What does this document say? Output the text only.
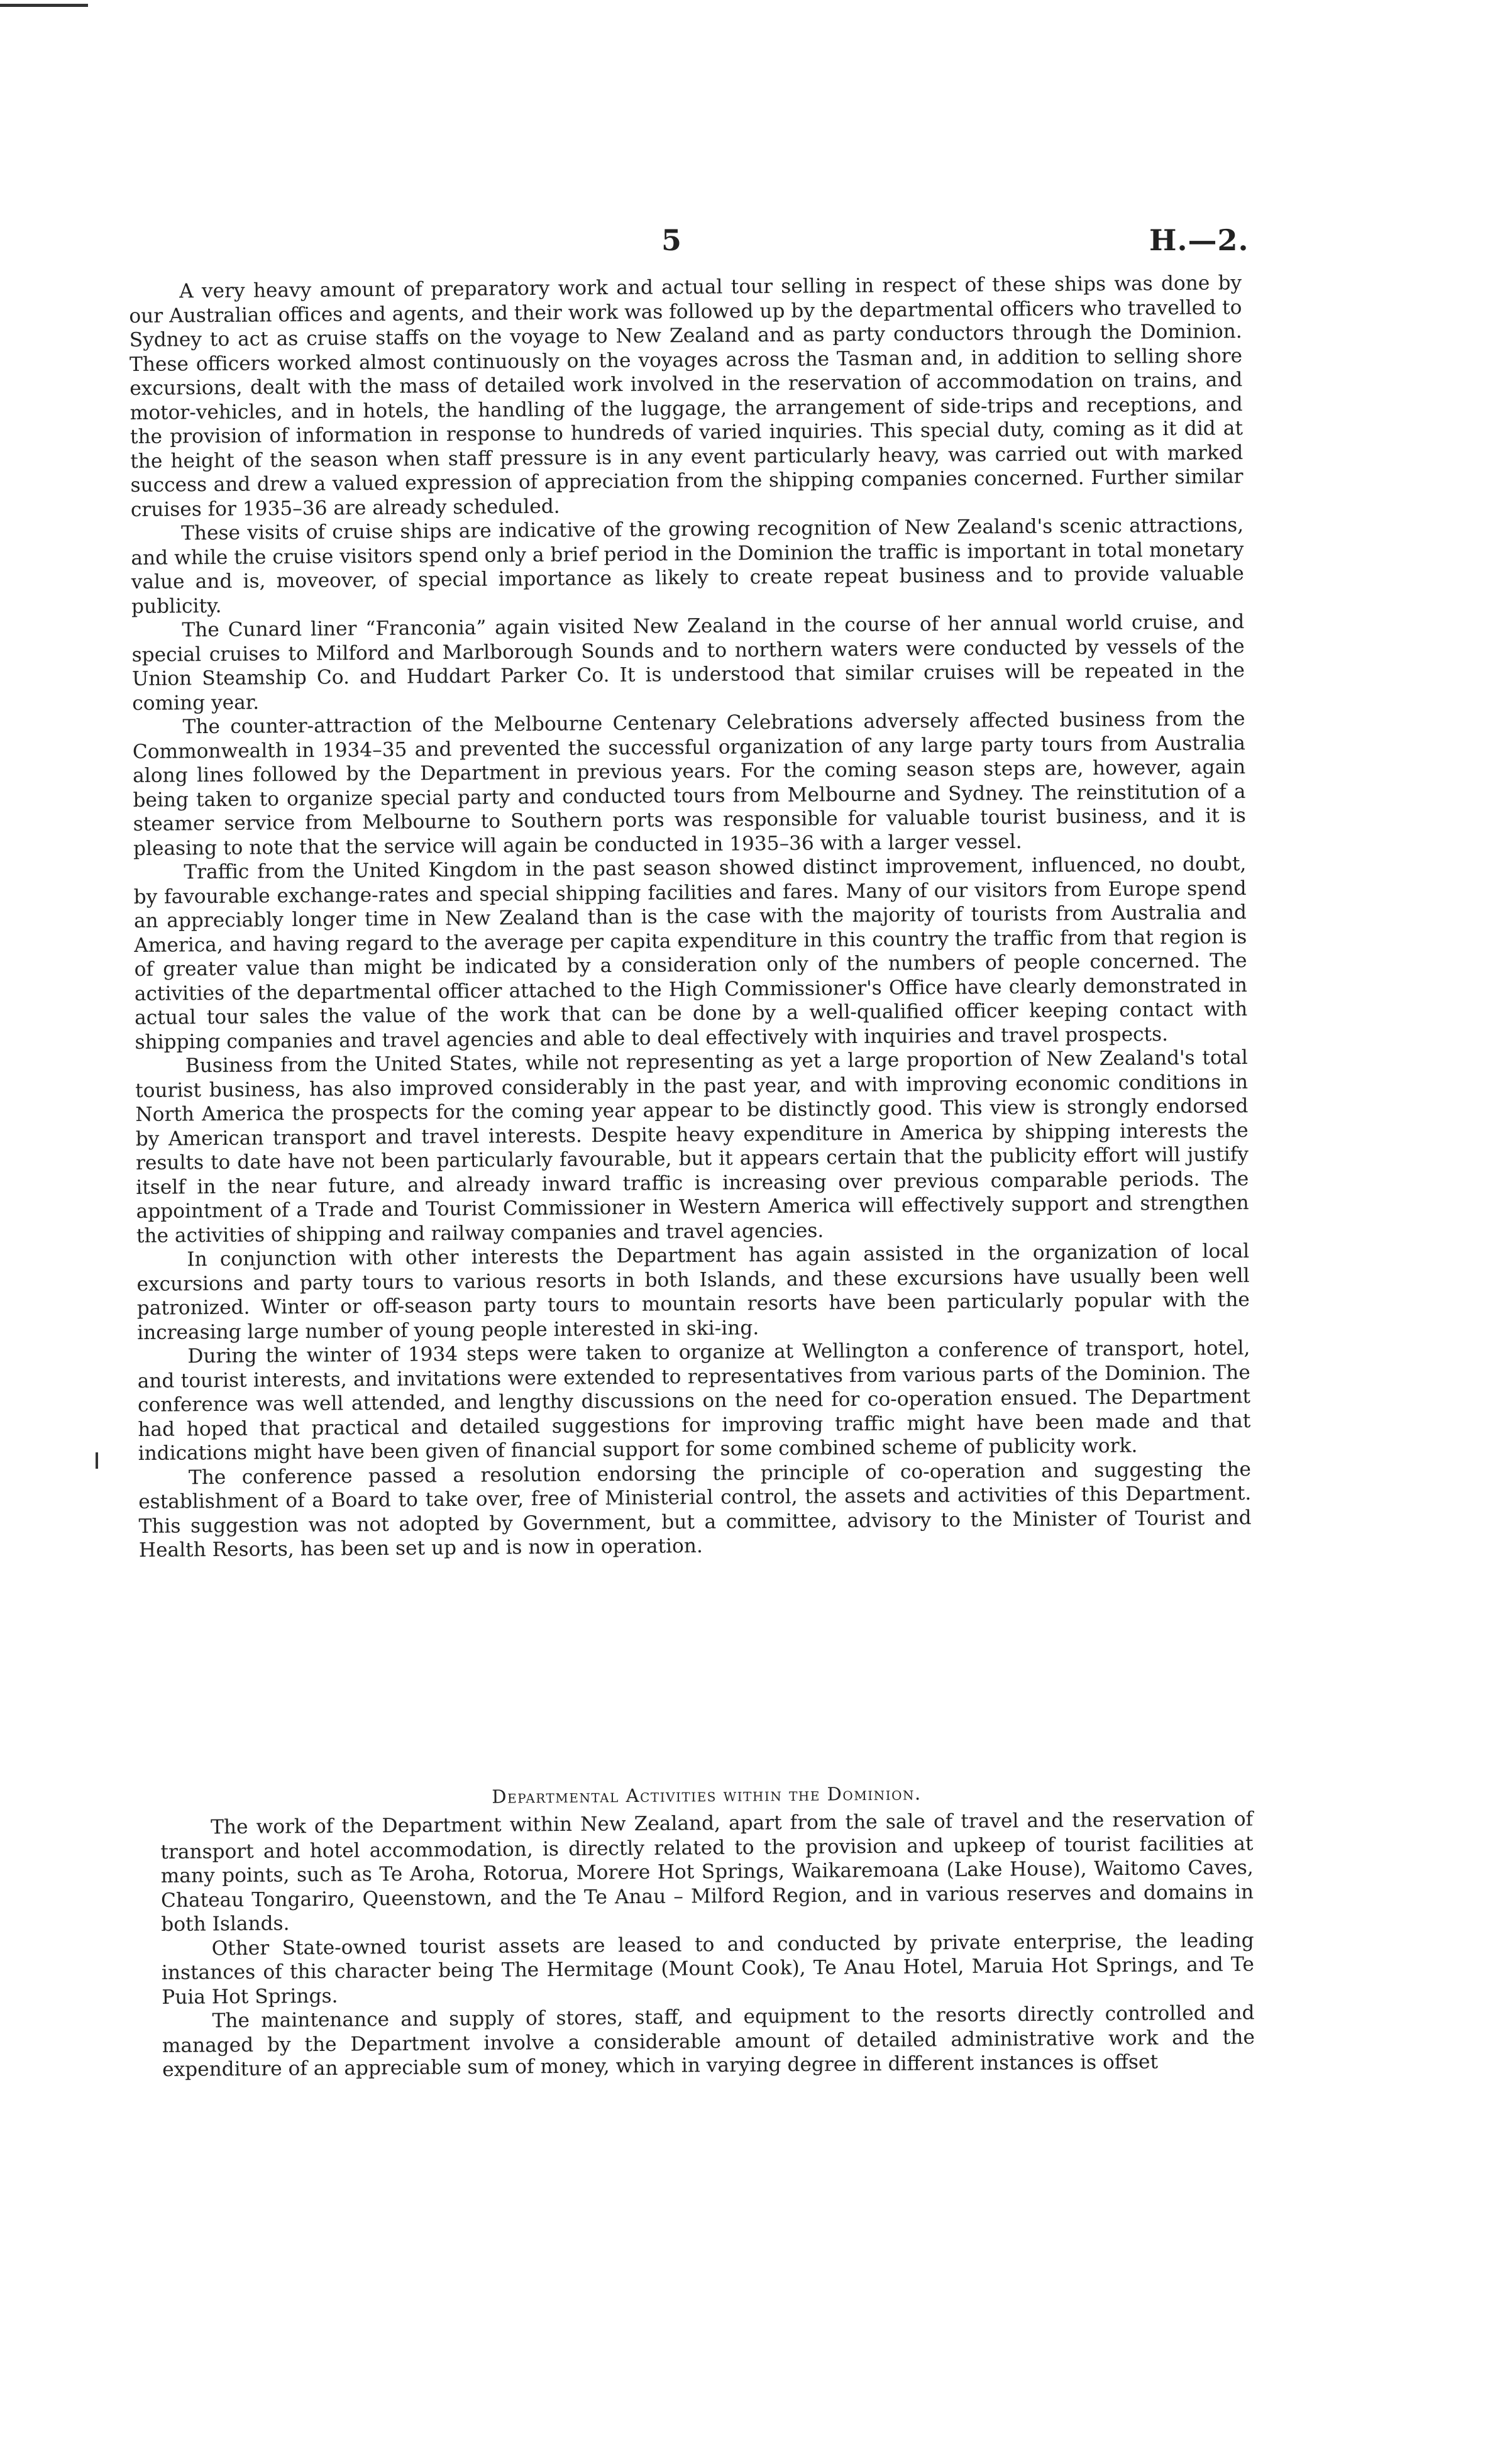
5	H.—2.

A very heavy amount of preparatory work and actual tour selling in respect of these ships was done by our Australian offices and agents, and their work was followed up by the departmental officers who travelled to Sydney to act as cruise staffs on the voyage to New Zealand and as party conductors through the Dominion. These officers worked almost continuously on the voyages across the Tasman and, in addition to selling shore excursions, dealt with the mass of detailed work involved in the reservation of accommodation on trains, and motor-vehicles, and in hotels, the handling of the luggage, the arrangement of side-trips and receptions, and the provision of information in response to hundreds of varied inquiries. This special duty, coming as it did at the height of the season when staff pressure is in any event particularly heavy, was carried out with marked success and drew a valued expression of appreciation from the shipping companies concerned. Further similar cruises for 1935–36 are already scheduled.

These visits of cruise ships are indicative of the growing recognition of New Zealand's scenic attractions, and while the cruise visitors spend only a brief period in the Dominion the traffic is important in total monetary value and is, moveover, of special importance as likely to create repeat business and to provide valuable publicity.

The Cunard liner “Franconia” again visited New Zealand in the course of her annual world cruise, and special cruises to Milford and Marlborough Sounds and to northern waters were conducted by vessels of the Union Steamship Co. and Huddart Parker Co. It is understood that similar cruises will be repeated in the coming year.

The counter-attraction of the Melbourne Centenary Celebrations adversely affected business from the Commonwealth in 1934–35 and prevented the successful organization of any large party tours from Australia along lines followed by the Department in previous years. For the coming season steps are, however, again being taken to organize special party and conducted tours from Melbourne and Sydney. The reinstitution of a steamer service from Melbourne to Southern ports was responsible for valuable tourist business, and it is pleasing to note that the service will again be conducted in 1935–36 with a larger vessel.

Traffic from the United Kingdom in the past season showed distinct improvement, influenced, no doubt, by favourable exchange-rates and special shipping facilities and fares. Many of our visitors from Europe spend an appreciably longer time in New Zealand than is the case with the majority of tourists from Australia and America, and having regard to the average per capita expenditure in this country the traffic from that region is of greater value than might be indicated by a consideration only of the numbers of people concerned. The activities of the departmental officer attached to the High Commissioner's Office have clearly demonstrated in actual tour sales the value of the work that can be done by a well-qualified officer keeping contact with shipping companies and travel agencies and able to deal effectively with inquiries and travel prospects.

Business from the United States, while not representing as yet a large proportion of New Zealand's total tourist business, has also improved considerably in the past year, and with improving economic conditions in North America the prospects for the coming year appear to be distinctly good. This view is strongly endorsed by American transport and travel interests. Despite heavy expenditure in America by shipping interests the results to date have not been particularly favourable, but it appears certain that the publicity effort will justify itself in the near future, and already inward traffic is increasing over previous comparable periods. The appointment of a Trade and Tourist Commissioner in Western America will effectively support and strengthen the activities of shipping and railway companies and travel agencies.

In conjunction with other interests the Department has again assisted in the organization of local excursions and party tours to various resorts in both Islands, and these excursions have usually been well patronized. Winter or off-season party tours to mountain resorts have been particularly popular with the increasing large number of young people interested in ski-ing.

During the winter of 1934 steps were taken to organize at Wellington a conference of transport, hotel, and tourist interests, and invitations were extended to representatives from various parts of the Dominion. The conference was well attended, and lengthy discussions on the need for co-operation ensued. The Department had hoped that practical and detailed suggestions for improving traffic might have been made and that indications might have been given of financial support for some combined scheme of publicity work.

The conference passed a resolution endorsing the principle of co-operation and suggesting the establishment of a Board to take over, free of Ministerial control, the assets and activities of this Department. This suggestion was not adopted by Government, but a committee, advisory to the Minister of Tourist and Health Resorts, has been set up and is now in operation.

Departmental Activities within the Dominion.

The work of the Department within New Zealand, apart from the sale of travel and the reservation of transport and hotel accommodation, is directly related to the provision and upkeep of tourist facilities at many points, such as Te Aroha, Rotorua, Morere Hot Springs, Waikaremoana (Lake House), Waitomo Caves, Chateau Tongariro, Queenstown, and the Te Anau – Milford Region, and in various reserves and domains in both Islands.

Other State-owned tourist assets are leased to and conducted by private enterprise, the leading instances of this character being The Hermitage (Mount Cook), Te Anau Hotel, Maruia Hot Springs, and Te Puia Hot Springs.

The maintenance and supply of stores, staff, and equipment to the resorts directly controlled and managed by the Department involve a considerable amount of detailed administrative work and the expenditure of an appreciable sum of money, which in varying degree in different instances is offset
